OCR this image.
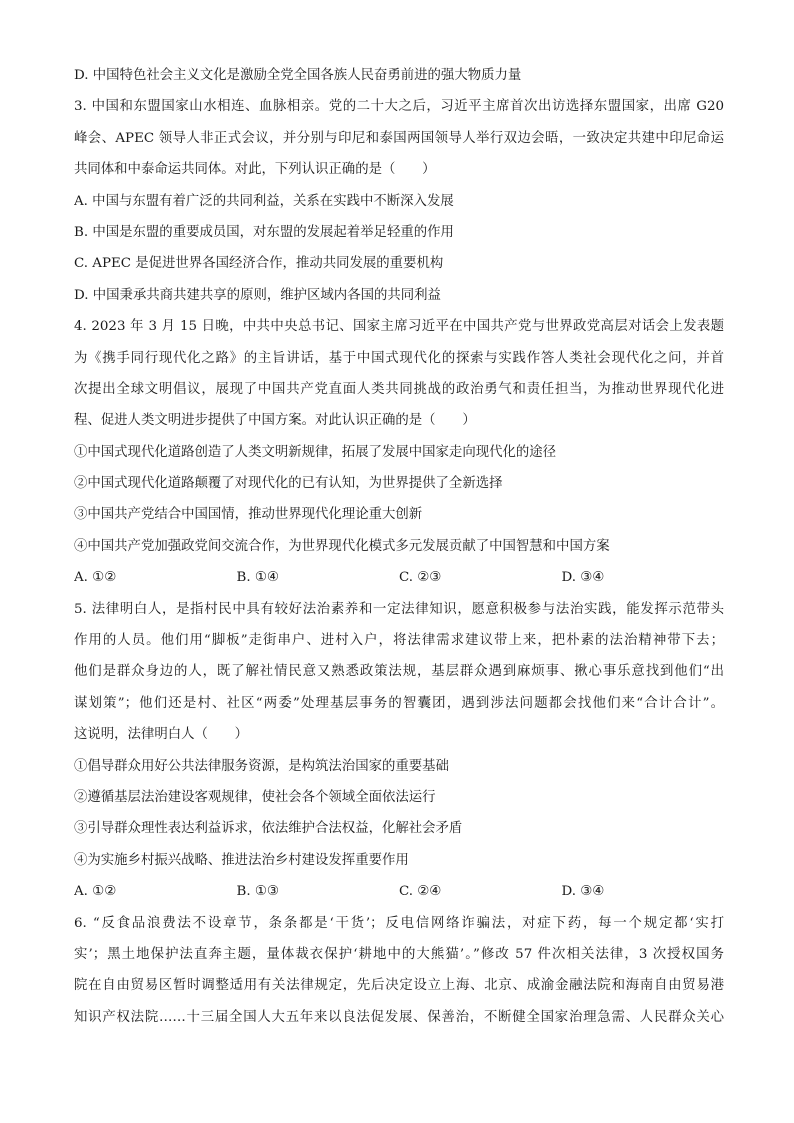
D. 中国特色社会主义文化是激励全党全国各族人民奋勇前进的强大物质力量
3. 中国和东盟国家山水相连、血脉相亲。党的二十大之后，习近平主席首次出访选择东盟国家，出席 G20
峰会、APEC 领导人非正式会议，并分别与印尼和泰国两国领导人举行双边会晤，一致决定共建中印尼命运
共同体和中泰命运共同体。对此，下列认识正确的是（　　）
A. 中国与东盟有着广泛的共同利益，关系在实践中不断深入发展
B. 中国是东盟的重要成员国，对东盟的发展起着举足轻重的作用
C. APEC 是促进世界各国经济合作，推动共同发展的重要机构
D. 中国秉承共商共建共享的原则，维护区域内各国的共同利益
4. 2023 年 3 月 15 日晚，中共中央总书记、国家主席习近平在中国共产党与世界政党高层对话会上发表题
为《携手同行现代化之路》的主旨讲话，基于中国式现代化的探索与实践作答人类社会现代化之问，并首
次提出全球文明倡议，展现了中国共产党直面人类共同挑战的政治勇气和责任担当，为推动世界现代化进
程、促进人类文明进步提供了中国方案。对此认识正确的是（　　）
①中国式现代化道路创造了人类文明新规律，拓展了发展中国家走向现代化的途径
②中国式现代化道路颠覆了对现代化的已有认知，为世界提供了全新选择
③中国共产党结合中国国情，推动世界现代化理论重大创新
④中国共产党加强政党间交流合作，为世界现代化模式多元发展贡献了中国智慧和中国方案
A. ①②	B. ①④	C. ②③	D. ③④
5. 法律明白人，是指村民中具有较好法治素养和一定法律知识，愿意积极参与法治实践，能发挥示范带头
作用的人员。他们用“脚板”走街串户、进村入户，将法律需求建议带上来，把朴素的法治精神带下去；
他们是群众身边的人，既了解社情民意又熟悉政策法规，基层群众遇到麻烦事、揪心事乐意找到他们“出
谋划策”；他们还是村、社区“两委”处理基层事务的智囊团，遇到涉法问题都会找他们来“合计合计”。
这说明，法律明白人（　　）
①倡导群众用好公共法律服务资源，是构筑法治国家的重要基础
②遵循基层法治建设客观规律，使社会各个领域全面依法运行
③引导群众理性表达利益诉求，依法维护合法权益，化解社会矛盾
④为实施乡村振兴战略、推进法治乡村建设发挥重要作用
A. ①②	B. ①③	C. ②④	D. ③④
6. “反食品浪费法不设章节，条条都是‘干货’；反电信网络诈骗法，对症下药，每一个规定都‘实打
实’；黑土地保护法直奔主题，量体裁衣保护‘耕地中的大熊猫’。”修改 57 件次相关法律，3 次授权国务
院在自由贸易区暂时调整适用有关法律规定，先后决定设立上海、北京、成渝金融法院和海南自由贸易港
知识产权法院……十三届全国人大五年来以良法促发展、保善治，不断健全国家治理急需、人民群众关心
